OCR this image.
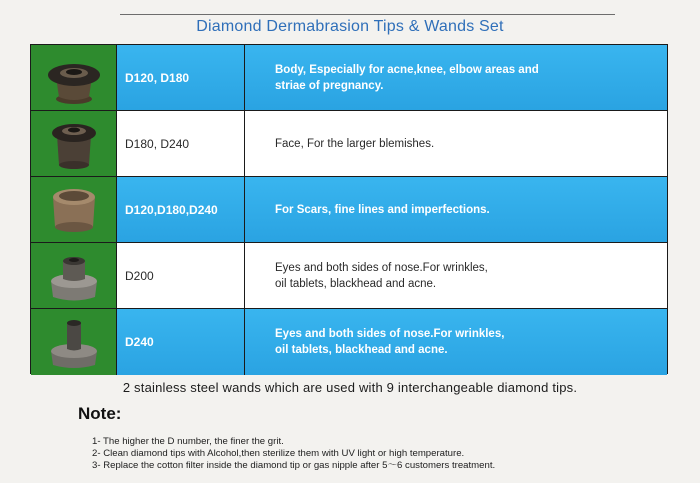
Diamond Dermabrasion Tips & Wands Set
D120, D180
Body, Especially for acne,knee, elbow areas and
striae of pregnancy.
D180, D240	Face, For the larger blemishes.
D120,D180,D240	For Scars, fine lines and imperfections.
D200
Eyes and both sides of nose.For wrinkles,
oil tablets, blackhead and acne.
D240
Eyes and both sides of nose.For wrinkles,
oil tablets, blackhead and acne.
2 stainless steel wands which are used with 9 interchangeable diamond tips.
Note:
1- The higher the D number, the finer the grit.
2- Clean diamond tips with Alcohol,then sterilize them with UV light or high temperature.
3- Replace the cotton filter inside the diamond tip or gas nipple after 5～6 customers treatment.
